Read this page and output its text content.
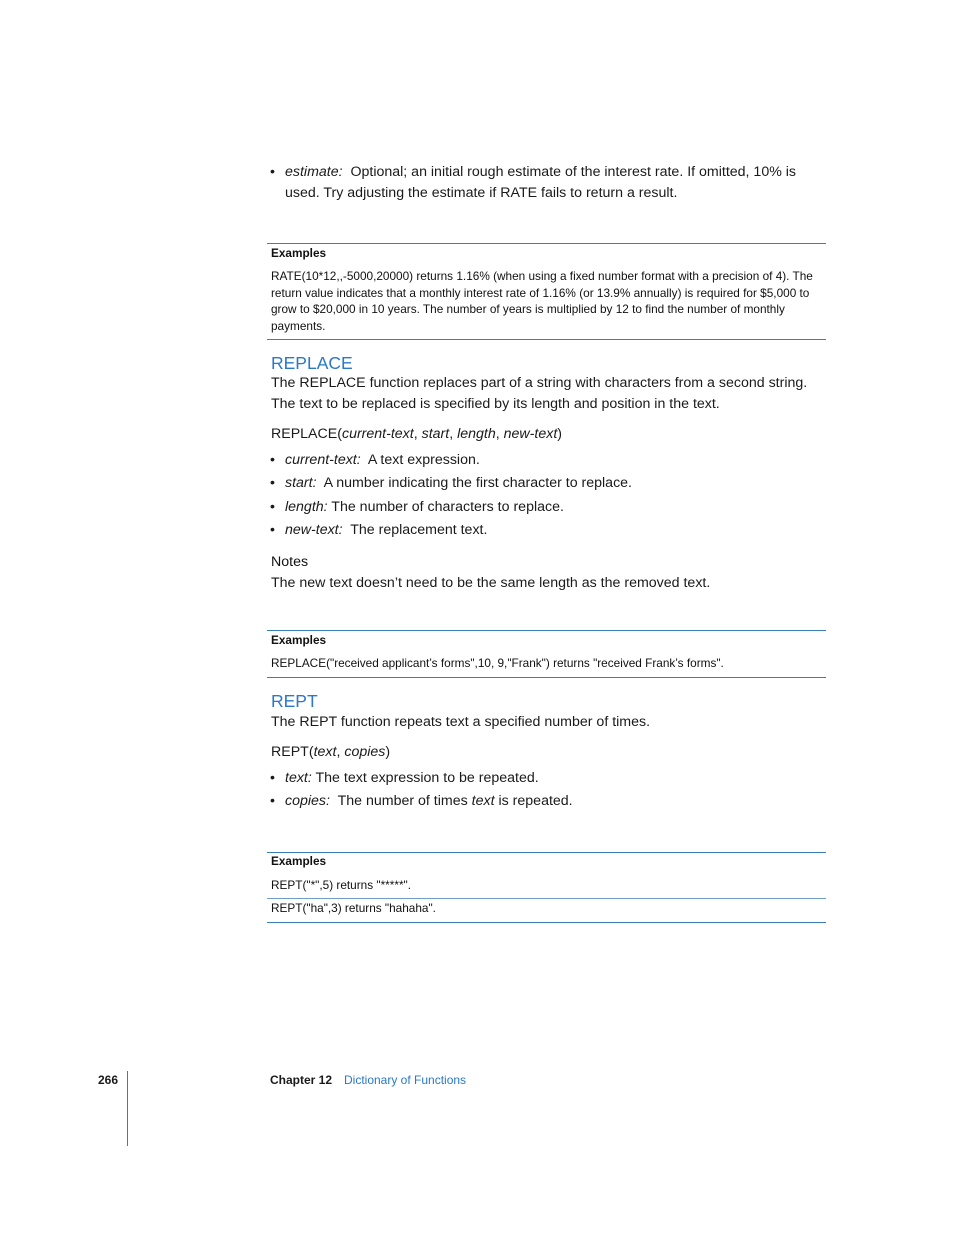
• estimate: Optional; an initial rough estimate of the interest rate. If omitted, 10% is used. Try adjusting the estimate if RATE fails to return a result.
Examples
RATE(10*12,,-5000,20000) returns 1.16% (when using a fixed number format with a precision of 4). The return value indicates that a monthly interest rate of 1.16% (or 13.9% annually) is required for $5,000 to grow to $20,000 in 10 years. The number of years is multiplied by 12 to find the number of monthly payments.
REPLACE
The REPLACE function replaces part of a string with characters from a second string. The text to be replaced is specified by its length and position in the text.
REPLACE(current-text, start, length, new-text)
• current-text: A text expression.
• start: A number indicating the first character to replace.
• length: The number of characters to replace.
• new-text: The replacement text.
Notes
The new text doesn’t need to be the same length as the removed text.
Examples
REPLACE("received applicant’s forms",10, 9,"Frank") returns "received Frank’s forms".
REPT
The REPT function repeats text a specified number of times.
REPT(text, copies)
• text: The text expression to be repeated.
• copies: The number of times text is repeated.
Examples
REPT("*",5) returns "*****".
REPT("ha",3) returns "hahaha".
266	Chapter 12 Dictionary of Functions
